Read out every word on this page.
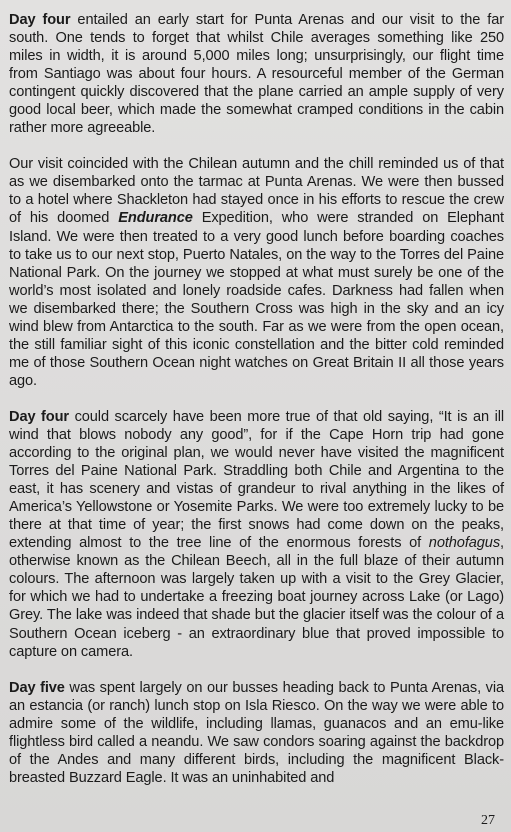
Day four entailed an early start for Punta Arenas and our visit to the far south. One tends to forget that whilst Chile averages something like 250 miles in width, it is around 5,000 miles long; unsurprisingly, our flight time from Santiago was about four hours. A resourceful member of the German contingent quickly discovered that the plane carried an ample supply of very good local beer, which made the somewhat cramped conditions in the cabin rather more agreeable.

Our visit coincided with the Chilean autumn and the chill reminded us of that as we disembarked onto the tarmac at Punta Arenas. We were then bussed to a hotel where Shackleton had stayed once in his efforts to rescue the crew of his doomed Endurance Expedition, who were stranded on Elephant Island. We were then treated to a very good lunch before boarding coaches to take us to our next stop, Puerto Natales, on the way to the Torres del Paine National Park. On the journey we stopped at what must surely be one of the world’s most isolated and lonely roadside cafes. Darkness had fallen when we disembarked there; the Southern Cross was high in the sky and an icy wind blew from Antarctica to the south. Far as we were from the open ocean, the still familiar sight of this iconic constellation and the bitter cold reminded me of those Southern Ocean night watches on Great Britain II all those years ago.

Day four could scarcely have been more true of that old saying, “It is an ill wind that blows nobody any good”, for if the Cape Horn trip had gone according to the original plan, we would never have visited the magnificent Torres del Paine National Park. Straddling both Chile and Argentina to the east, it has scenery and vistas of grandeur to rival anything in the likes of America’s Yellowstone or Yosemite Parks. We were too extremely lucky to be there at that time of year; the first snows had come down on the peaks, extending almost to the tree line of the enormous forests of nothofagus, otherwise known as the Chilean Beech, all in the full blaze of their autumn colours. The afternoon was largely taken up with a visit to the Grey Glacier, for which we had to undertake a freezing boat journey across Lake (or Lago) Grey. The lake was indeed that shade but the glacier itself was the colour of a Southern Ocean iceberg - an extraordinary blue that proved impossible to capture on camera.

Day five was spent largely on our busses heading back to Punta Arenas, via an estancia (or ranch) lunch stop on Isla Riesco. On the way we were able to admire some of the wildlife, including llamas, guanacos and an emu-like flightless bird called a neandu. We saw condors soaring against the backdrop of the Andes and many different birds, including the magnificent Black-breasted Buzzard Eagle. It was an uninhabited and

27
